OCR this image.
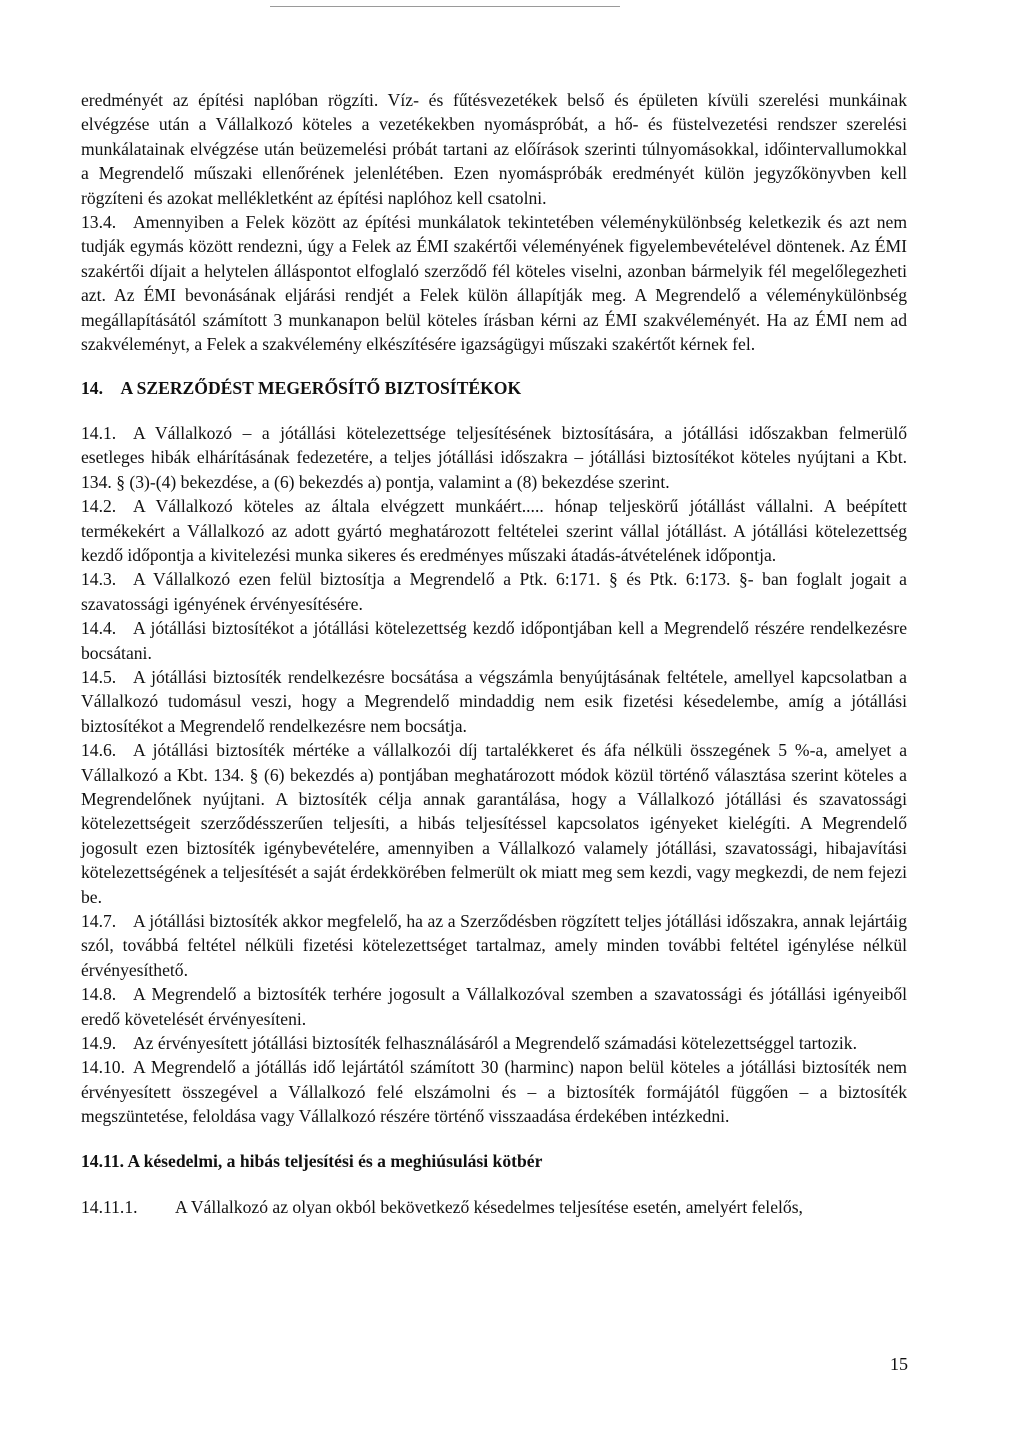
eredményét az építési naplóban rögzíti. Víz- és fűtésvezetékek belső és épületen kívüli szerelési munkáinak elvégzése után a Vállalkozó köteles a vezetékekben nyomáspróbát, a hő- és füstelvezetési rendszer szerelési munkálatainak elvégzése után beüzemelési próbát tartani az előírások szerinti túlnyomásokkal, időintervallumokkal a Megrendelő műszaki ellenőrének jelenlétében. Ezen nyomáspróbák eredményét külön jegyzőkönyvben kell rögzíteni és azokat mellékletként az építési naplóhoz kell csatolni.

13.4. Amennyiben a Felek között az építési munkálatok tekintetében véleménykülönbség keletkezik és azt nem tudják egymás között rendezni, úgy a Felek az ÉMI szakértői véleményének figyelembevételével döntenek. Az ÉMI szakértői díjait a helytelen álláspontot elfoglaló szerződő fél köteles viselni, azonban bármelyik fél megelőlegezheti azt. Az ÉMI bevonásának eljárási rendjét a Felek külön állapítják meg. A Megrendelő a véleménykülönbség megállapításától számított 3 munkanapon belül köteles írásban kérni az ÉMI szakvéleményét. Ha az ÉMI nem ad szakvéleményt, a Felek a szakvélemény elkészítésére igazságügyi műszaki szakértőt kérnek fel.

14. A SZERZŐDÉST MEGERŐSÍTŐ BIZTOSÍTÉKOK

14.1. A Vállalkozó – a jótállási kötelezettsége teljesítésének biztosítására, a jótállási időszakban felmerülő esetleges hibák elhárításának fedezetére, a teljes jótállási időszakra – jótállási biztosítékot köteles nyújtani a Kbt. 134. § (3)-(4) bekezdése, a (6) bekezdés a) pontja, valamint a (8) bekezdése szerint.

14.2. A Vállalkozó köteles az általa elvégzett munkáért..... hónap teljeskörű jótállást vállalni. A beépített termékekért a Vállalkozó az adott gyártó meghatározott feltételei szerint vállal jótállást. A jótállási kötelezettség kezdő időpontja a kivitelezési munka sikeres és eredményes műszaki átadás-átvételének időpontja.

14.3. A Vállalkozó ezen felül biztosítja a Megrendelő a Ptk. 6:171. § és Ptk. 6:173. §- ban foglalt jogait a szavatossági igényének érvényesítésére.

14.4. A jótállási biztosítékot a jótállási kötelezettség kezdő időpontjában kell a Megrendelő részére rendelkezésre bocsátani.

14.5. A jótállási biztosíték rendelkezésre bocsátása a végszámla benyújtásának feltétele, amellyel kapcsolatban a Vállalkozó tudomásul veszi, hogy a Megrendelő mindaddig nem esik fizetési késedelembe, amíg a jótállási biztosítékot a Megrendelő rendelkezésre nem bocsátja.

14.6. A jótállási biztosíték mértéke a vállalkozói díj tartalékkeret és áfa nélküli összegének 5 %-a, amelyet a Vállalkozó a Kbt. 134. § (6) bekezdés a) pontjában meghatározott módok közül történő választása szerint köteles a Megrendelőnek nyújtani. A biztosíték célja annak garantálása, hogy a Vállalkozó jótállási és szavatossági kötelezettségeit szerződésszerűen teljesíti, a hibás teljesítéssel kapcsolatos igényeket kielégíti. A Megrendelő jogosult ezen biztosíték igénybevételére, amennyiben a Vállalkozó valamely jótállási, szavatossági, hibajavítási kötelezettségének a teljesítését a saját érdekkörében felmerült ok miatt meg sem kezdi, vagy megkezdi, de nem fejezi be.

14.7. A jótállási biztosíték akkor megfelelő, ha az a Szerződésben rögzített teljes jótállási időszakra, annak lejártáig szól, továbbá feltétel nélküli fizetési kötelezettséget tartalmaz, amely minden további feltétel igénylése nélkül érvényesíthető.

14.8. A Megrendelő a biztosíték terhére jogosult a Vállalkozóval szemben a szavatossági és jótállási igényeiből eredő követelését érvényesíteni.

14.9. Az érvényesített jótállási biztosíték felhasználásáról a Megrendelő számadási kötelezettséggel tartozik.

14.10. A Megrendelő a jótállás idő lejártától számított 30 (harminc) napon belül köteles a jótállási biztosíték nem érvényesített összegével a Vállalkozó felé elszámolni és – a biztosíték formájától függően – a biztosíték megszüntetése, feloldása vagy Vállalkozó részére történő visszaadása érdekében intézkedni.

14.11. A késedelmi, a hibás teljesítési és a meghiúsulási kötbér

14.11.1. A Vállalkozó az olyan okból bekövetkező késedelmes teljesítése esetén, amelyért felelős,

15
